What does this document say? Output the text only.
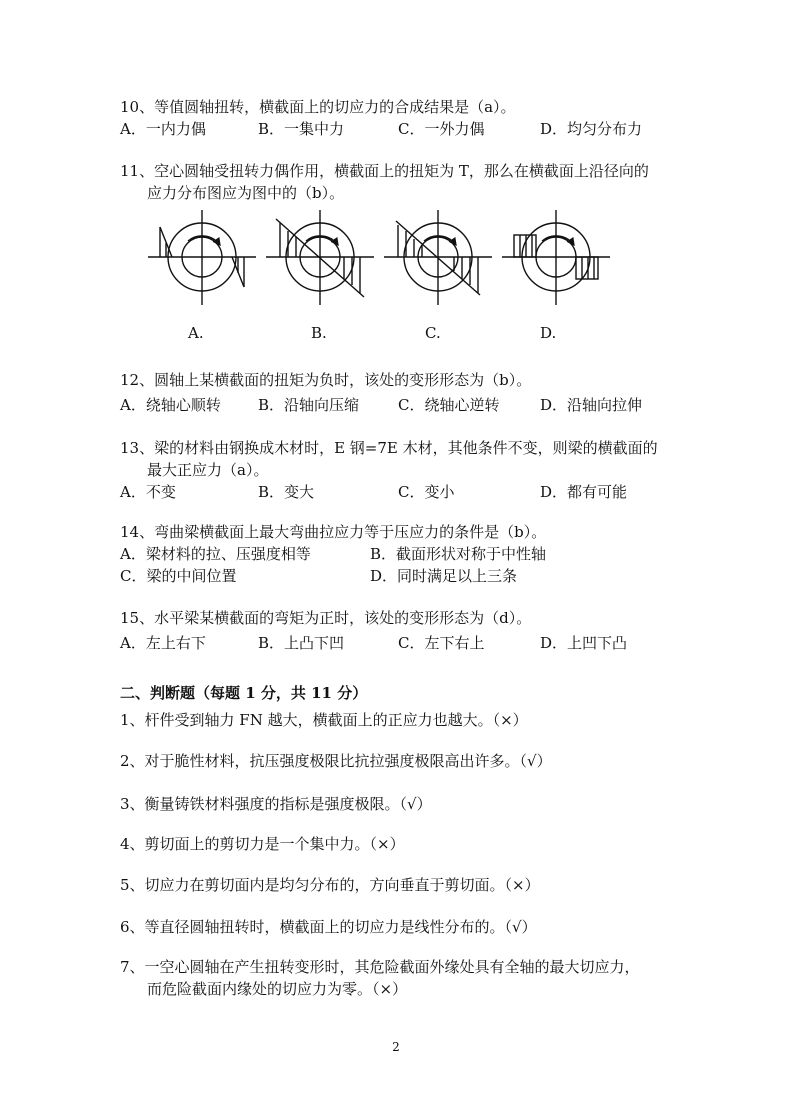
10、等值圆轴扭转，横截面上的切应力的合成结果是（a）。
A．一内力偶	B．一集中力	C．一外力偶	D．均匀分布力
11、空心圆轴受扭转力偶作用，横截面上的扭矩为 T，那么在横截面上沿径向的
应力分布图应为图中的（b）。
A.	B.	C.	D.
12、圆轴上某横截面的扭矩为负时，该处的变形形态为（b）。
A．绕轴心顺转 B．沿轴向压缩	C．绕轴心逆转	D．沿轴向拉伸
13、梁的材料由钢换成木材时，E 钢=7E 木材，其他条件不变，则梁的横截面的
最大正应力（a）。
A．不变	B．变大	C．变小	D．都有可能
14、弯曲梁横截面上最大弯曲拉应力等于压应力的条件是（b）。
A．梁材料的拉、压强度相等	B．截面形状对称于中性轴
C．梁的中间位置	D．同时满足以上三条
15、水平梁某横截面的弯矩为正时，该处的变形形态为（d）。
A．左上右下	B．上凸下凹	C．左下右上	D．上凹下凸
二、判断题（每题 1 分，共 11 分）
1、杆件受到轴力 FN 越大，横截面上的正应力也越大。（×）
2、对于脆性材料，抗压强度极限比抗拉强度极限高出许多。（√）
3、衡量铸铁材料强度的指标是强度极限。（√）
4、剪切面上的剪切力是一个集中力。（×）
5、切应力在剪切面内是均匀分布的，方向垂直于剪切面。（×）
6、等直径圆轴扭转时，横截面上的切应力是线性分布的。（√）
7、一空心圆轴在产生扭转变形时，其危险截面外缘处具有全轴的最大切应力，
而危险截面内缘处的切应力为零。（×）
2
